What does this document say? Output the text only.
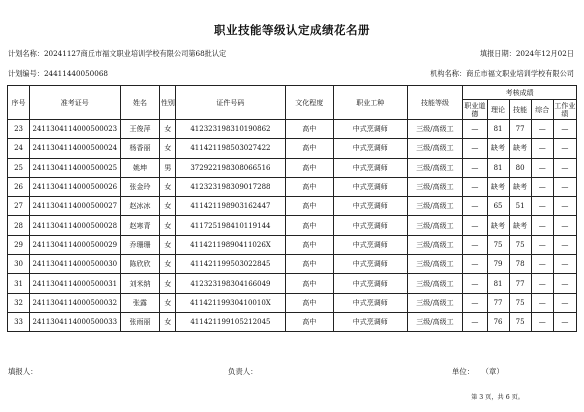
职业技能等级认定成绩花名册
计划名称：20241127商丘市福文职业培训学校有限公司第68批认定	填报日期：2024年12月02日
计划编号：24411440050068	机构名称：商丘市福文职业培训学校有限公司
序号	准考证号	姓名	性别	证件号码	文化程度	职业工种	技能等级	考核成绩				
								职业道德	理论	技能	综合	工作业绩
23	2411304114000500023	王俊萍	女	412323198310190862	高中	中式烹调师	三级/高级工	—	81	77	—	—
24	2411304114000500024	杨香丽	女	411421198503027422	高中	中式烹调师	三级/高级工	—	缺考	缺考	—	—
25	2411304114000500025	姚坤	男	372922198308066516	高中	中式烹调师	三级/高级工	—	81	80	—	—
26	2411304114000500026	张金玲	女	412323198309017288	高中	中式烹调师	三级/高级工	—	缺考	缺考	—	—
27	2411304114000500027	赵冰冰	女	411421198903162447	高中	中式烹调师	三级/高级工	—	65	51	—	—
28	2411304114000500028	赵寒青	女	411725198410119144	高中	中式烹调师	三级/高级工	—	缺考	缺考	—	—
29	2411304114000500029	乔珊珊	女	41142119890411026X	高中	中式烹调师	三级/高级工	—	75	75	—	—
30	2411304114000500030	陈欣欣	女	411421199503022845	高中	中式烹调师	三级/高级工	—	79	78	—	—
31	2411304114000500031	刘米纳	女	412323198304166049	高中	中式烹调师	三级/高级工	—	81	77	—	—
32	2411304114000500032	张露	女	41142119930410010X	高中	中式烹调师	三级/高级工	—	77	75	—	—
33	2411304114000500033	张雨丽	女	411421199105212045	高中	中式烹调师	三级/高级工	—	76	75	—	—
填报人：	负责人：	单位：　　（章）
第 3 页，共 6 页。
